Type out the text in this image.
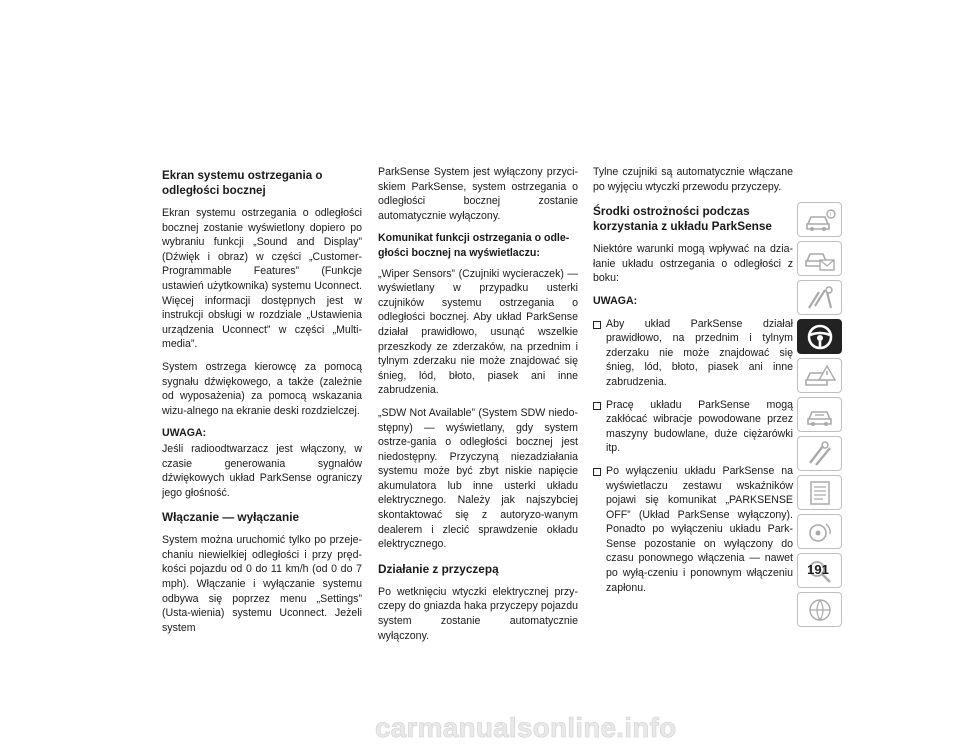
Ekran systemu ostrzegania o odległości bocznej

Ekran systemu ostrzegania o odległości bocznej zostanie wyświetlony dopiero po wybraniu funkcji „Sound and Display” (Dźwięk i obraz) w części „Customer-Programmable Features” (Funkcje ustawień użytkownika) systemu Uconnect. Więcej informacji dostępnych jest w instrukcji obsługi w rozdziale „Ustawienia urządzenia Uconnect” w części „Multi-media”.

System ostrzega kierowcę za pomocą sygnału dźwiękowego, a także (zależnie od wyposażenia) za pomocą wskazania wizu-alnego na ekranie deski rozdzielczej.

UWAGA:

Jeśli radioodtwarzacz jest włączony, w czasie generowania sygnałów dźwiękowych układ ParkSense ograniczy jego głośność.

Włączanie — wyłączanie

System można uruchomić tylko po przeje-chaniu niewielkiej odległości i przy pręd-kości pojazdu od 0 do 11 km/h (od 0 do 7 mph). Włączanie i wyłączanie systemu odbywa się poprzez menu „Settings” (Usta-wienia) systemu Uconnect. Jeżeli system

ParkSense System jest wyłączony przyci-skiem ParkSense, system ostrzegania o odległości bocznej zostanie automatycznie wyłączony.

Komunikat funkcji ostrzegania o odle-głości bocznej na wyświetlaczu:

„Wiper Sensors” (Czujniki wycieraczek) — wyświetlany w przypadku usterki czujników systemu ostrzegania o odległości bocznej. Aby układ ParkSense działał prawidłowo, usunąć wszelkie przeszkody ze zderzaków, na przednim i tylnym zderzaku nie może znajdować się śnieg, lód, błoto, piasek ani inne zabrudzenia.

„SDW Not Available” (System SDW niedo-stępny) — wyświetlany, gdy system ostrze-gania o odległości bocznej jest niedostępny. Przyczyną niezadziałania systemu może być zbyt niskie napięcie akumulatora lub inne usterki układu elektrycznego. Należy jak najszybciej skontaktować się z autoryzo-wanym dealerem i zlecić sprawdzenie okładu elektrycznego.

Działanie z przyczepą

Po wetknięciu wtyczki elektrycznej przy-czepy do gniazda haka przyczepy pojazdu system zostanie automatycznie wyłączony.

Tylne czujniki są automatycznie włączane po wyjęciu wtyczki przewodu przyczepy.

Środki ostrożności podczas korzystania z układu ParkSense

Niektóre warunki mogą wpływać na dzia-łanie układu ostrzegania o odległości z boku:

UWAGA:
Aby układ ParkSense działał prawidłowo, na przednim i tylnym zderzaku nie może znajdować się śnieg, lód, błoto, piasek ani inne zabrudzenia.
Pracę układu ParkSense mogą zakłócać wibracje powodowane przez maszyny budowlane, duże ciężarówki itp.
Po wyłączeniu układu ParkSense na wyświetlaczu zestawu wskaźników pojawi się komunikat „PARKSENSE OFF” (Układ ParkSense wyłączony). Ponadto po wyłączeniu układu Park-Sense pozostanie on wyłączony do czasu ponownego włączenia — nawet po wyłą-czeniu i ponownym włączeniu zapłonu.
i
191
carmanualsonline.info
